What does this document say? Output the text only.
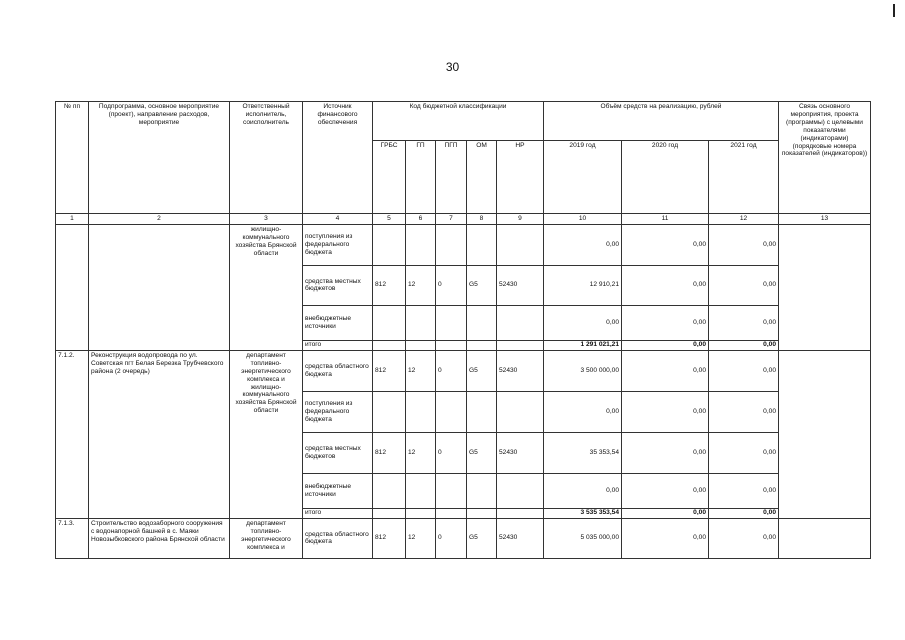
30
№ пп	Подпрограмма, основное мероприятие (проект), направление расходов, мероприятие	Ответственный исполнитель, соисполнитель	Источник финансового обеспечения	Код бюджетной классификации					Объём средств на реализацию, рублей			Связь основного мероприятия, проекта (программы) с целевыми показателями (индикаторами) (порядковые номера показателей (индикаторов))
				ГРБС	ГП	ПГП	ОМ	НР	2019 год	2020 год	2021 год	
1	2	3	4	5	6	7	8	9	10	11	12	13
		жилищно-коммунального хозяйства Брянской области	поступления из федерального бюджета						0,00	0,00	0,00	
			средства местных бюджетов	812	12	0	G5	52430	12 910,21	0,00	0,00	
			внебюджетные источники						0,00	0,00	0,00	
			итого						1 291 021,21	0,00	0,00	
7.1.2.	Реконструкция водопровода по ул. Советская пгт Белая Березка Трубчевского района (2 очередь)	департамент топливно-энергетического комплекса и жилищно-коммунального хозяйства Брянской области	средства областного бюджета	812	12	0	G5	52430	3 500 000,00	0,00	0,00	
			поступления из федерального бюджета						0,00	0,00	0,00	
			средства местных бюджетов	812	12	0	G5	52430	35 353,54	0,00	0,00	
			внебюджетные источники						0,00	0,00	0,00	
			итого						3 535 353,54	0,00	0,00	
7.1.3.	Строительство водозаборного сооружения с водонапорной башней в с. Маяки Новозыбковского района Брянской области	департамент топливно-энергетического комплекса и	средства областного бюджета	812	12	0	G5	52430	5 035 000,00	0,00	0,00	
